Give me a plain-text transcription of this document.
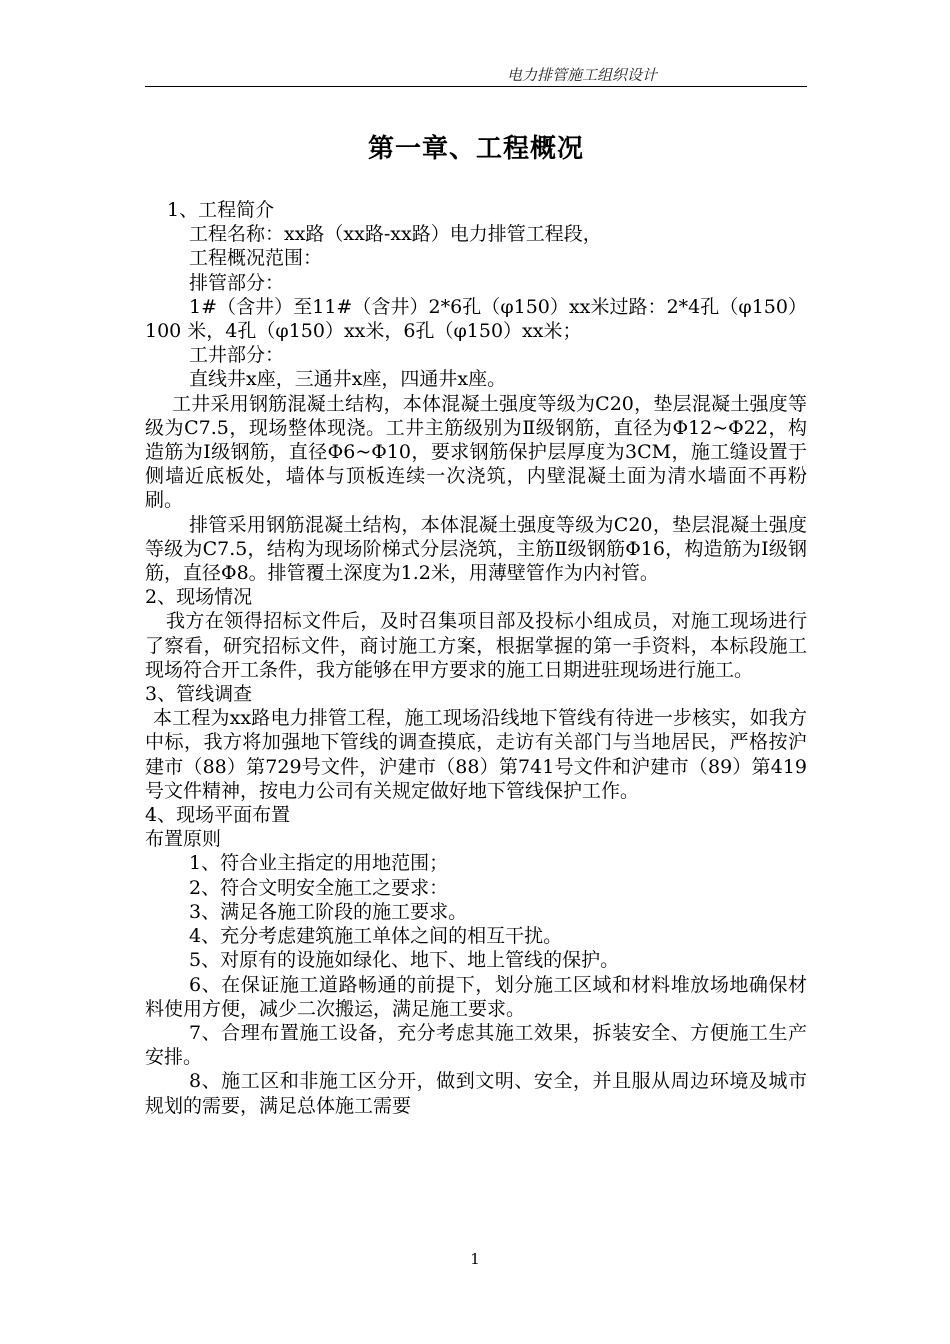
电力排管施工组织设计
第一章、工程概况

1、工程简介

工程名称：xx路（xx路-xx路）电力排管工程段，

工程概况范围：

排管部分：

1#（含井）至11#（含井）2*6孔（φ150）xx米过路：2*4孔（φ150）100 米，4孔（φ150）xx米，6孔（φ150）xx米；

工井部分：

直线井x座，三通井x座，四通井x座。

工井采用钢筋混凝土结构，本体混凝土强度等级为C20，垫层混凝土强度等级为C7.5，现场整体现浇。工井主筋级别为Ⅱ级钢筋，直径为Φ12~Φ22，构造筋为Ⅰ级钢筋，直径Φ6~Φ10，要求钢筋保护层厚度为3CM，施工缝设置于侧墙近底板处，墙体与顶板连续一次浇筑，内壁混凝土面为清水墙面不再粉刷。

排管采用钢筋混凝土结构，本体混凝土强度等级为C20，垫层混凝土强度等级为C7.5，结构为现场阶梯式分层浇筑，主筋Ⅱ级钢筋Φ16，构造筋为Ⅰ级钢筋，直径Φ8。排管覆土深度为1.2米，用薄壁管作为内衬管。

2、现场情况

我方在领得招标文件后，及时召集项目部及投标小组成员，对施工现场进行了察看，研究招标文件，商讨施工方案，根据掌握的第一手资料，本标段施工现场符合开工条件，我方能够在甲方要求的施工日期进驻现场进行施工。

3、管线调查

本工程为xx路电力排管工程，施工现场沿线地下管线有待进一步核实，如我方中标，我方将加强地下管线的调查摸底，走访有关部门与当地居民，严格按沪建市（88）第729号文件，沪建市（88）第741号文件和沪建市（89）第419号文件精神，按电力公司有关规定做好地下管线保护工作。

4、现场平面布置

布置原则

1、符合业主指定的用地范围；

2、符合文明安全施工之要求：

3、满足各施工阶段的施工要求。

4、充分考虑建筑施工单体之间的相互干扰。

5、对原有的设施如绿化、地下、地上管线的保护。

6、在保证施工道路畅通的前提下，划分施工区域和材料堆放场地确保材料使用方便，减少二次搬运，满足施工要求。

7、合理布置施工设备，充分考虑其施工效果，拆装安全、方便施工生产安排。

8、施工区和非施工区分开，做到文明、安全，并且服从周边环境及城市规划的需要，满足总体施工需要

1
